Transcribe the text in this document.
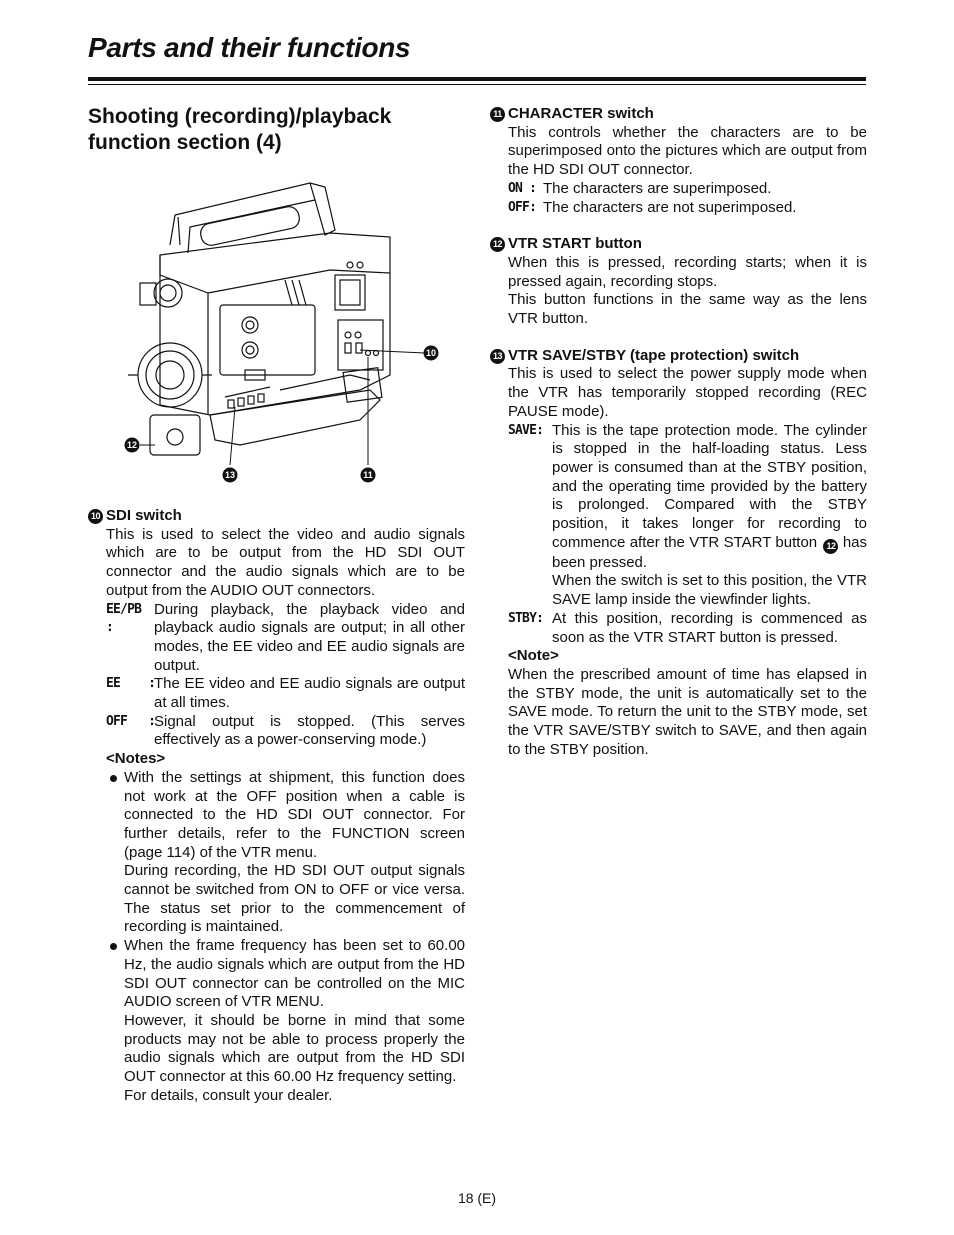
Parts and their functions
Shooting (recording)/playback function section (4)
10
11
12
13
10 SDI switch

This is used to select the video and audio signals which are to be output from the HD SDI OUT connector and the audio signals which are to be output from the AUDIO OUT connectors.

EE/PB :
During playback, the playback video and playback audio signals are output; in all other modes, the EE video and EE audio signals are output.
EE    :
The EE video and EE audio signals are output at all times.
OFF   :
Signal output is stopped. (This serves effectively as a power-conserving mode.)
<Notes>

With the settings at shipment, this function does not work at the OFF position when a cable is connected to the HD SDI OUT connector. For further details, refer to the FUNCTION screen (page 114) of the VTR menu.

During recording, the HD SDI OUT output signals cannot be switched from ON to OFF or vice versa. The status set prior to the commencement of recording is maintained.

When the frame frequency has been set to 60.00 Hz, the audio signals which are output from the HD SDI OUT connector can be controlled on the MIC AUDIO screen of VTR MENU.

However, it should be borne in mind that some products may not be able to process properly the audio signals which are output from the HD SDI OUT connector at this 60.00 Hz frequency setting.

For details, consult your dealer.

11 CHARACTER switch

This controls whether the characters are to be superimposed onto the pictures which are output from the HD SDI OUT connector.

ON : The characters are superimposed.
OFF: The characters are not superimposed.
12 VTR START button

When this is pressed, recording starts; when it is pressed again, recording stops.

This button functions in the same way as the lens VTR button.

13 VTR SAVE/STBY (tape protection) switch

This is used to select the power supply mode when the VTR has temporarily stopped recording (REC PAUSE mode).

SAVE: This is the tape protection mode. The cylinder is stopped in the half-loading status. Less power is consumed than at the STBY position, and the operating time provided by the battery is prolonged. Compared with the STBY position, it takes longer for recording to commence after the VTR START button 12 has been pressed.

When the switch is set to this position, the VTR SAVE lamp inside the viewfinder lights.

STBY: At this position, recording is commenced as soon as the VTR START button is pressed.
<Note>

When the prescribed amount of time has elapsed in the STBY mode, the unit is automatically set to the SAVE mode. To return the unit to the STBY mode, set the VTR SAVE/STBY switch to SAVE, and then again to the STBY position.

18 (E)
